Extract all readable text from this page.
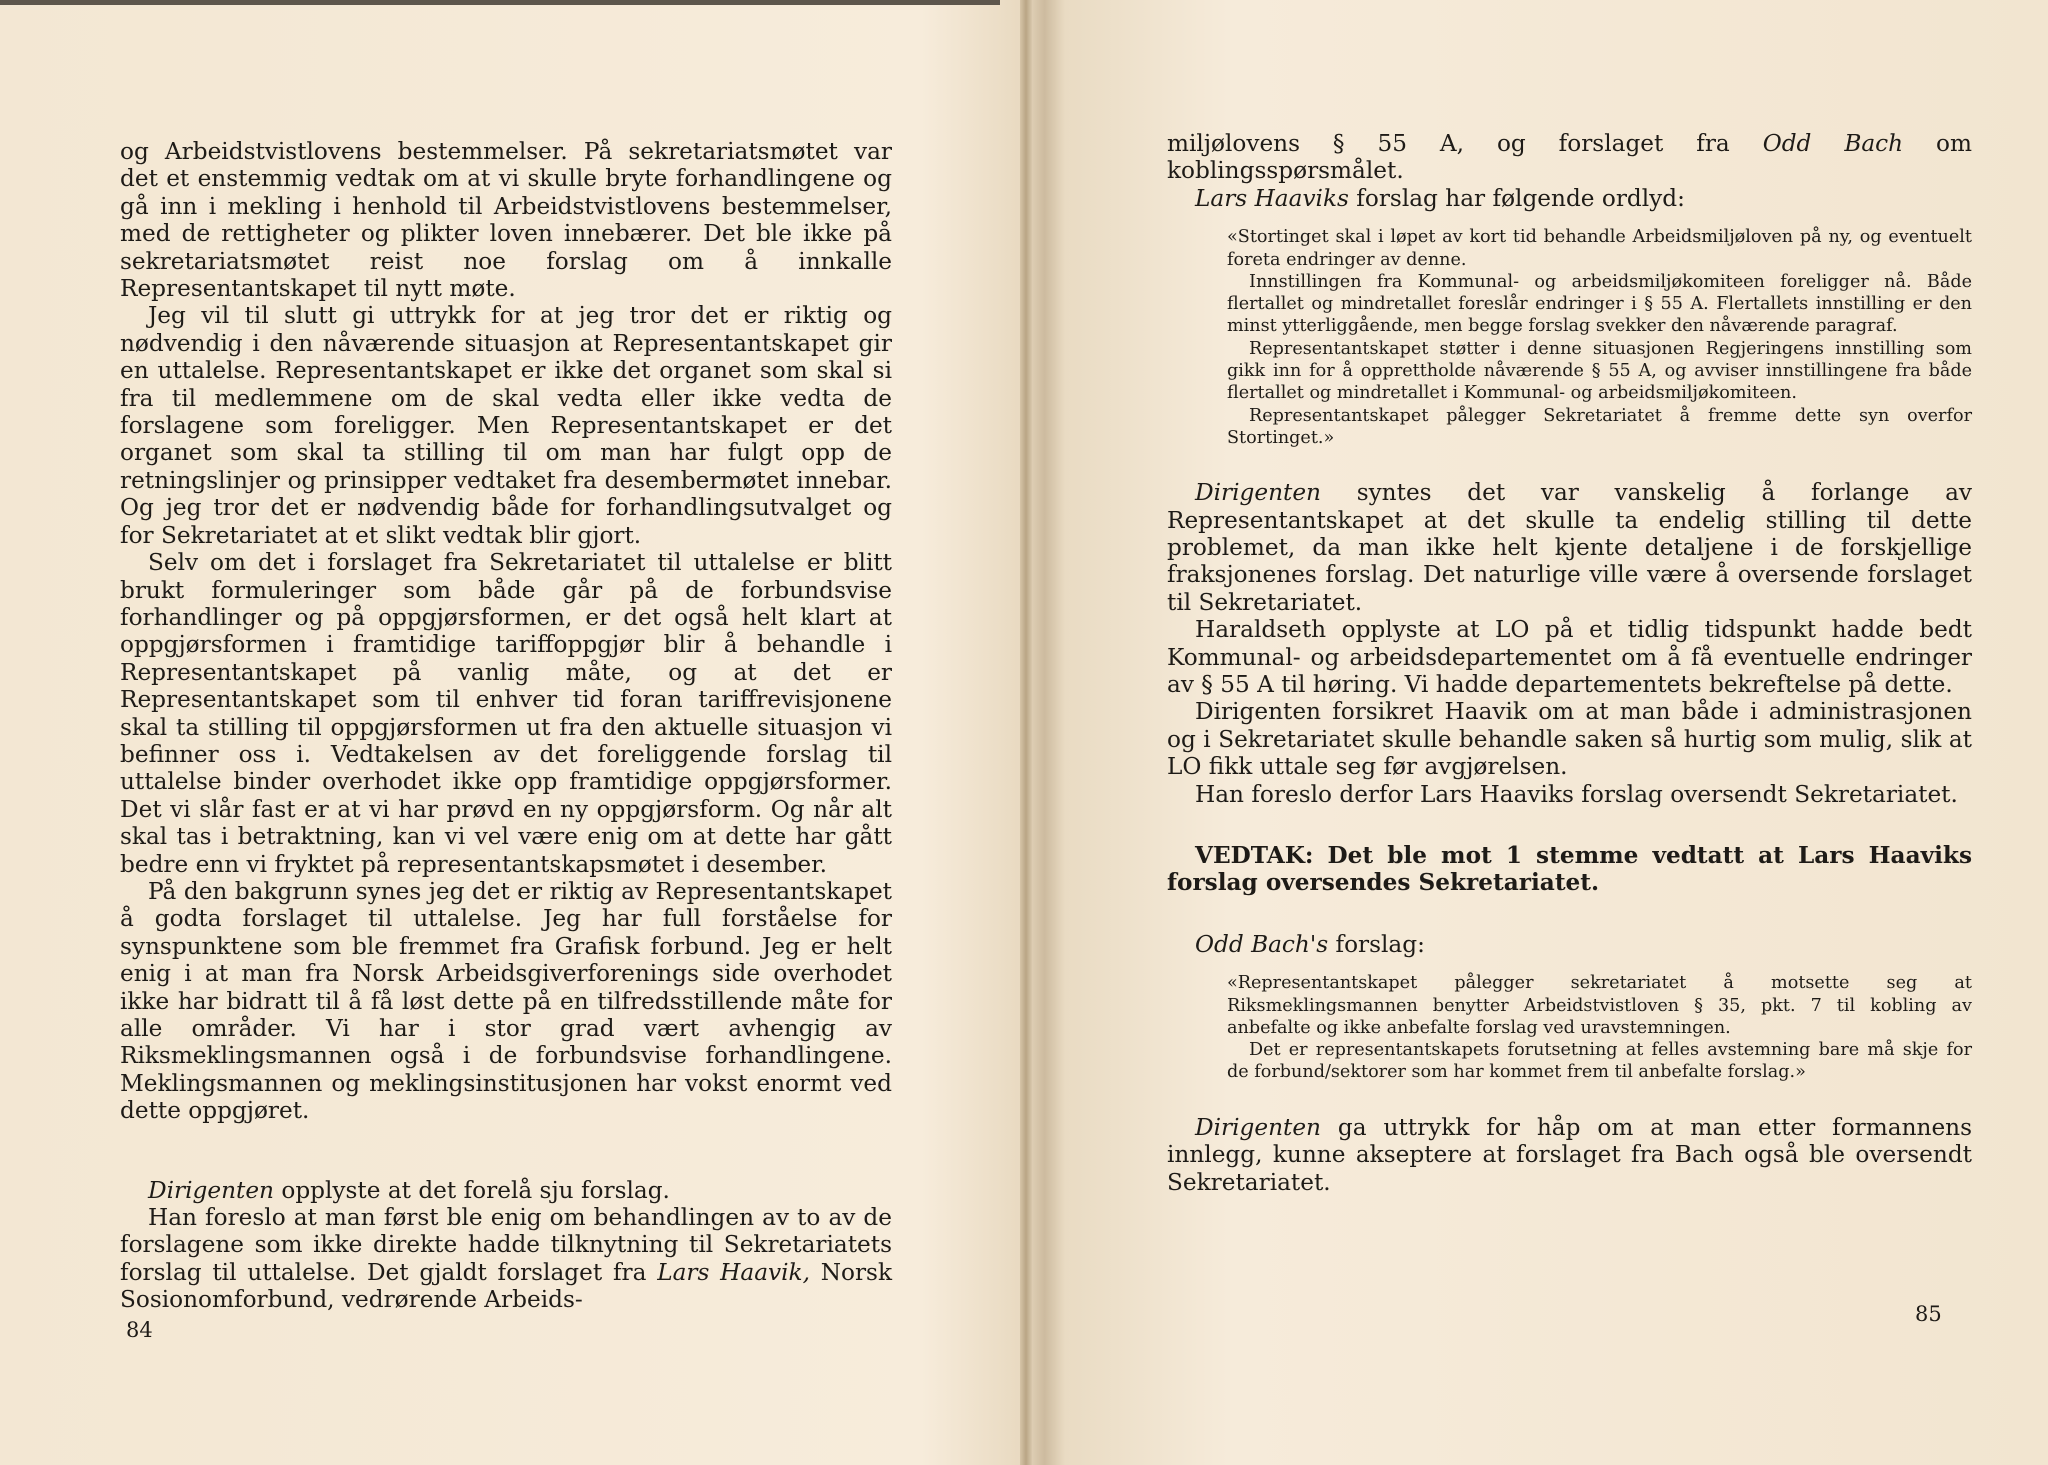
og Arbeidstvistlovens bestemmelser. På sekretariatsmøtet var det et enstemmig vedtak om at vi skulle bryte forhandlingene og gå inn i mekling i henhold til Arbeidstvistlovens bestemmelser, med de rettigheter og plikter loven innebærer. Det ble ikke på sekretariatsmøtet reist noe forslag om å innkalle Representantskapet til nytt møte.

Jeg vil til slutt gi uttrykk for at jeg tror det er riktig og nødvendig i den nåværende situasjon at Representantskapet gir en uttalelse. Representantskapet er ikke det organet som skal si fra til medlemmene om de skal vedta eller ikke vedta de forslagene som foreligger. Men Representantskapet er det organet som skal ta stilling til om man har fulgt opp de retningslinjer og prinsipper vedtaket fra desembermøtet innebar. Og jeg tror det er nødvendig både for forhandlingsutvalget og for Sekretariatet at et slikt vedtak blir gjort.

Selv om det i forslaget fra Sekretariatet til uttalelse er blitt brukt formuleringer som både går på de forbundsvise forhandlinger og på oppgjørsformen, er det også helt klart at oppgjørsformen i framtidige tariffoppgjør blir å behandle i Representantskapet på vanlig måte, og at det er Representantskapet som til enhver tid foran tariffrevisjonene skal ta stilling til oppgjørsformen ut fra den aktuelle situasjon vi befinner oss i. Vedtakelsen av det foreliggende forslag til uttalelse binder overhodet ikke opp framtidige oppgjørsformer. Det vi slår fast er at vi har prøvd en ny oppgjørsform. Og når alt skal tas i betraktning, kan vi vel være enig om at dette har gått bedre enn vi fryktet på representantskapsmøtet i desember.

På den bakgrunn synes jeg det er riktig av Representantskapet å godta forslaget til uttalelse. Jeg har full forståelse for synspunktene som ble fremmet fra Grafisk forbund. Jeg er helt enig i at man fra Norsk Arbeidsgiverforenings side overhodet ikke har bidratt til å få løst dette på en tilfredsstillende måte for alle områder. Vi har i stor grad vært avhengig av Riksmeklingsmannen også i de forbundsvise forhandlingene. Meklingsmannen og meklingsinstitusjonen har vokst enormt ved dette oppgjøret.

Dirigenten opplyste at det forelå sju forslag.

Han foreslo at man først ble enig om behandlingen av to av de forslagene som ikke direkte hadde tilknytning til Sekretariatets forslag til uttalelse. Det gjaldt forslaget fra Lars Haavik, Norsk Sosionomforbund, vedrørende Arbeids-

84

miljølovens § 55 A, og forslaget fra Odd Bach om koblingsspørsmålet.

Lars Haaviks forslag har følgende ordlyd:

«Stortinget skal i løpet av kort tid behandle Arbeidsmiljøloven på ny, og eventuelt foreta endringer av denne.

Innstillingen fra Kommunal- og arbeidsmiljøkomiteen foreligger nå. Både flertallet og mindretallet foreslår endringer i § 55 A. Flertallets innstilling er den minst ytterliggående, men begge forslag svekker den nåværende paragraf.

Representantskapet støtter i denne situasjonen Regjeringens innstilling som gikk inn for å opprettholde nåværende § 55 A, og avviser innstillingene fra både flertallet og mindretallet i Kommunal- og arbeidsmiljøkomiteen.

Representantskapet pålegger Sekretariatet å fremme dette syn overfor Stortinget.»

Dirigenten syntes det var vanskelig å forlange av Representantskapet at det skulle ta endelig stilling til dette problemet, da man ikke helt kjente detaljene i de forskjellige fraksjonenes forslag. Det naturlige ville være å oversende forslaget til Sekretariatet.

Haraldseth opplyste at LO på et tidlig tidspunkt hadde bedt Kommunal- og arbeidsdepartementet om å få eventuelle endringer av § 55 A til høring. Vi hadde departementets bekreftelse på dette.

Dirigenten forsikret Haavik om at man både i administrasjonen og i Sekretariatet skulle behandle saken så hurtig som mulig, slik at LO fikk uttale seg før avgjørelsen.

Han foreslo derfor Lars Haaviks forslag oversendt Sekretariatet.

VEDTAK: Det ble mot 1 stemme vedtatt at Lars Haaviks forslag oversendes Sekretariatet.

Odd Bach's forslag:

«Representantskapet pålegger sekretariatet å motsette seg at Riksmeklingsmannen benytter Arbeidstvistloven § 35, pkt. 7 til kobling av anbefalte og ikke anbefalte forslag ved uravstemningen.

Det er representantskapets forutsetning at felles avstemning bare må skje for de forbund/sektorer som har kommet frem til anbefalte forslag.»

Dirigenten ga uttrykk for håp om at man etter formannens innlegg, kunne akseptere at forslaget fra Bach også ble oversendt Sekretariatet.

85
